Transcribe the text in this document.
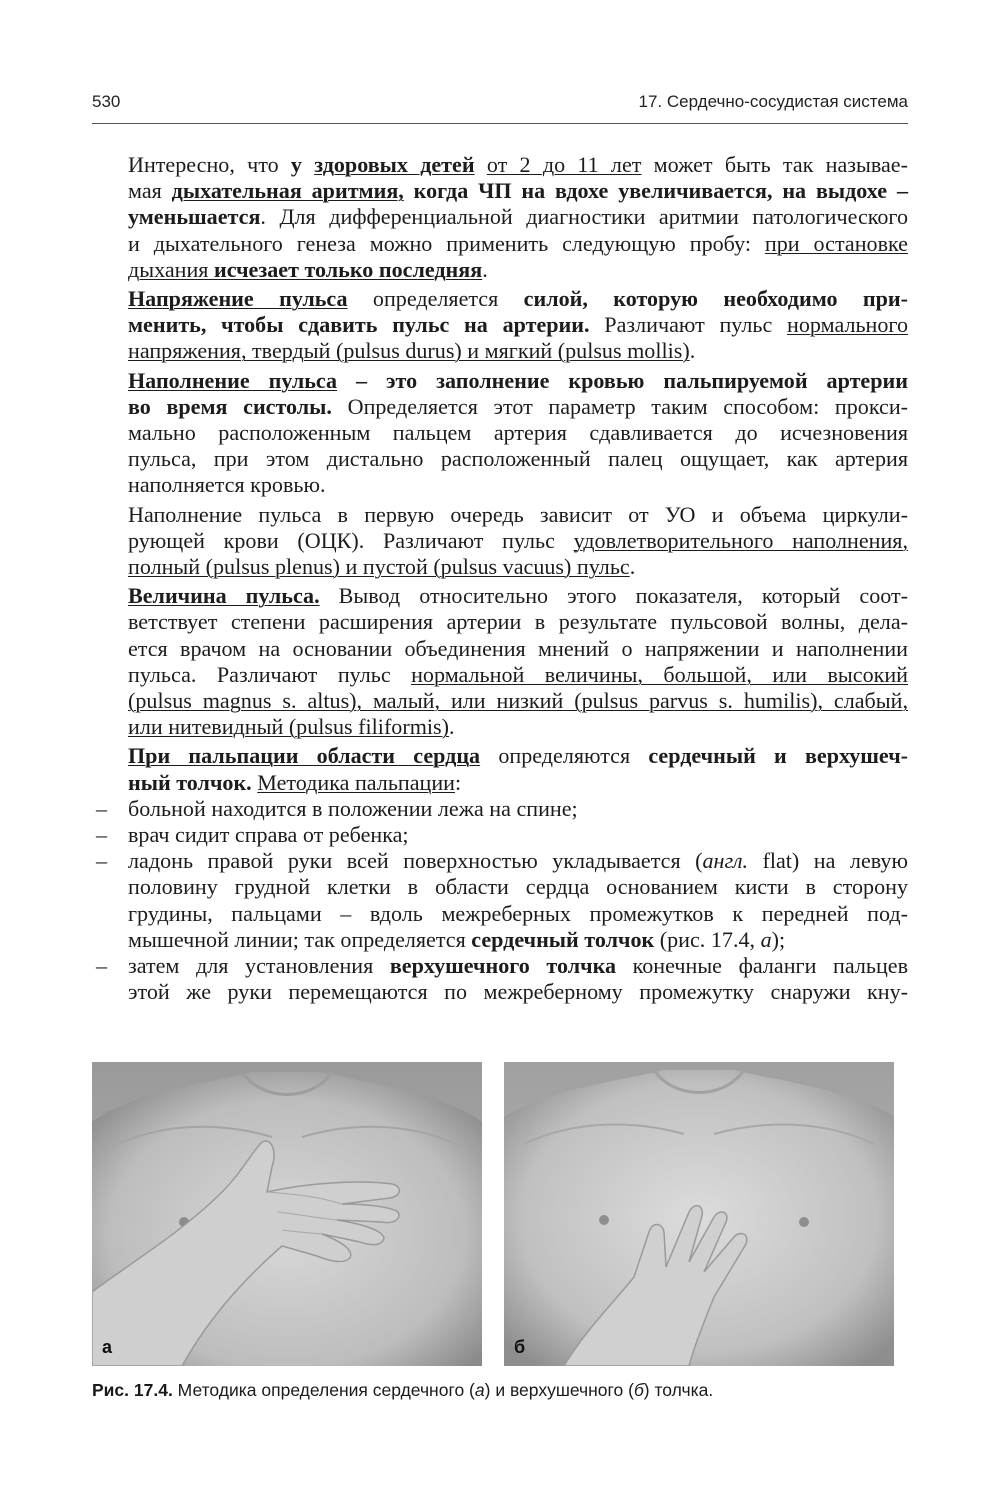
530	17. Сердечно-сосудистая система
Интересно, что у здоровых детей от 2 до 11 лет может быть так называе-
мая дыхательная аритмия, когда ЧП на вдохе увеличивается, на выдохе –
уменьшается. Для дифференциальной диагностики аритмии патологического
и дыхательного генеза можно применить следующую пробу: при остановке
дыхания исчезает только последняя.
Напряжение пульса определяется силой, которую необходимо при-
менить, чтобы сдавить пульс на артерии. Различают пульс нормального
напряжения, твердый (pulsus durus) и мягкий (pulsus mollis).
Наполнение пульса – это заполнение кровью пальпируемой артерии
во время систолы. Определяется этот параметр таким способом: прокси-
мально расположенным пальцем артерия сдавливается до исчезновения
пульса, при этом дистально расположенный палец ощущает, как артерия
наполняется кровью.
Наполнение пульса в первую очередь зависит от УО и объема циркули-
рующей крови (ОЦК). Различают пульс удовлетворительного наполнения,
полный (pulsus plenus) и пустой (pulsus vacuus) пульс.
Величина пульса. Вывод относительно этого показателя, который соот-
ветствует степени расширения артерии в результате пульсовой волны, дела-
ется врачом на основании объединения мнений о напряжении и наполнении
пульса. Различают пульс нормальной величины, большой, или высокий
(pulsus magnus s. altus), малый, или низкий (pulsus parvus s. humilis), слабый,
или нитевидный (pulsus filiformis).
При пальпации области сердца определяются сердечный и верхушеч-
ный толчок. Методика пальпации:
– больной находится в положении лежа на спине;
– врач сидит справа от ребенка;
– ладонь правой руки всей поверхностью укладывается (англ. flat) на левую
половину грудной клетки в области сердца основанием кисти в сторону
грудины, пальцами – вдоль межреберных промежутков к передней под-
мышечной линии; так определяется сердечный толчок (рис. 17.4, а);
– затем для установления верхушечного толчка конечные фаланги пальцев
этой же руки перемещаются по межреберному промежутку снаружи кну-
а	б
Рис. 17.4. Методика определения сердечного (а) и верхушечного (б) толчка.
